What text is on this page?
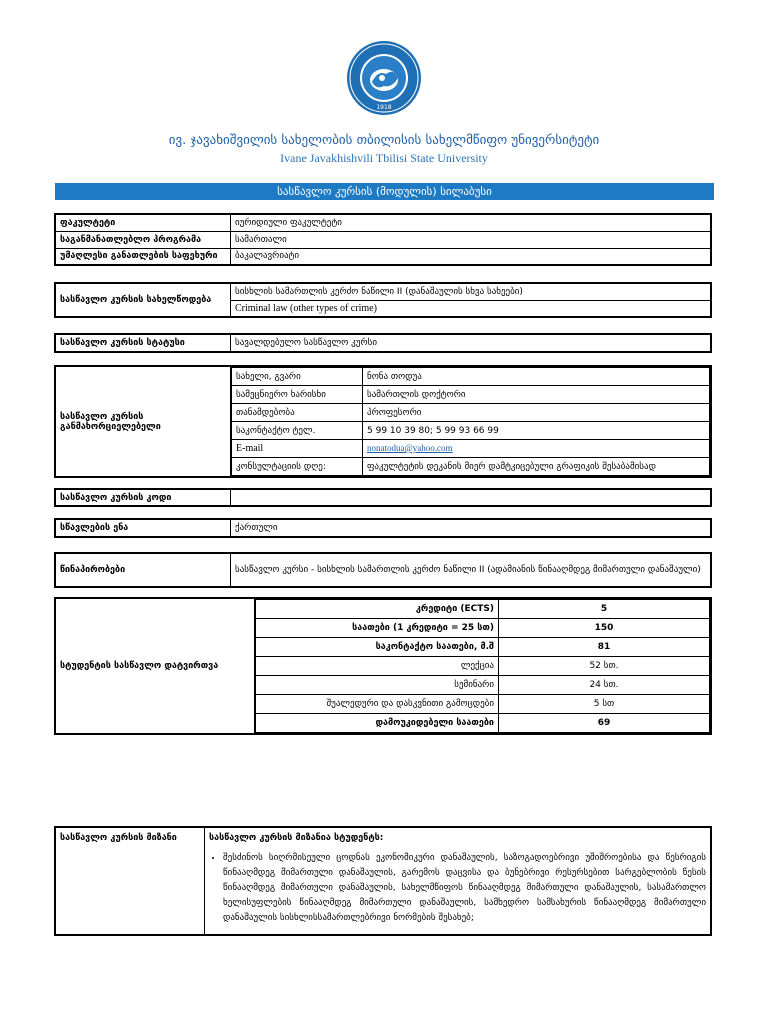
1918
ივ. ჯავახიშვილის სახელობის თბილისის სახელმწიფო უნივერსიტეტი
Ivane Javakhishvili Tbilisi State University
სასწავლო კურსის (მოდულის) სილაბუსი
ფაკულტეტი	იურიდიული ფაკულტეტი
საგანმანათლებლო პროგრამა	სამართალი
უმაღლესი განათლების საფეხური	ბაკალავრიატი
სასწავლო კურსის სახელწოდება	სისხლის სამართლის კერძო ნაწილი II (დანაშაულის სხვა სახეები)
Criminal law (other types of crime)
სასწავლო კურსის სტატუსი	სავალდებულო სასწავლო კურსი
სასწავლო კურსის განმახორციელებელი	
სახელი, გვარი	ნონა თოდუა
სამეცნიერო ხარისხი	სამართლის დოქტორი
თანამდებობა	პროფესორი
საკონტაქტო ტელ.	5 99 10 39 80; 5 99 93 66 99
E-mail	nonatodua@yahoo.com
კონსულტაციის დღე:	ფაკულტეტის დეკანის მიერ დამტკიცებული გრაფიკის შესაბამისად
სასწავლო კურსის კოდი	
სწავლების ენა	ქართული
წინაპირობები	სასწავლო კურსი - სისხლის სამართლის კერძო ნაწილი II (ადამიანის წინააღმდეგ მიმართული დანაშაული)
სტუდენტის სასწავლო დატვირთვა	
კრედიტი (ECTS)	5
საათები (1 კრედიტი = 25 სთ)	150
საკონტაქტო საათები, მ.შ	81
ლექცია	52 სთ.
სემინარი	24 სთ.
შუალედური და დასკვნითი გამოცდები	5 სთ
დამოუკიდებელი საათები	69
სასწავლო კურსის მიზანი	სასწავლო კურსის მიზანია სტუდენტს:
• შესძინოს სიღრმისეული ცოდნას ეკონომიკური დანაშაულის, საზოგადოებრივი უშიშროებისა და წესრიგის წინააღმდეგ მიმართული დანაშაულის, გარემოს დაცვისა და ბუნებრივი რესურსებით სარგებლობის წესის წინააღმდეგ მიმართული დანაშაულის, სახელმწიფოს წინააღმდეგ მიმართული დანაშაულის, სასამართლო ხელისუფლების წინააღმდეგ მიმართული დანაშაულის, სამხედრო სამსახურის წინააღმდეგ მიმართული დანაშაულის სისხლისსამართლებრივი ნორმების შესახებ;
